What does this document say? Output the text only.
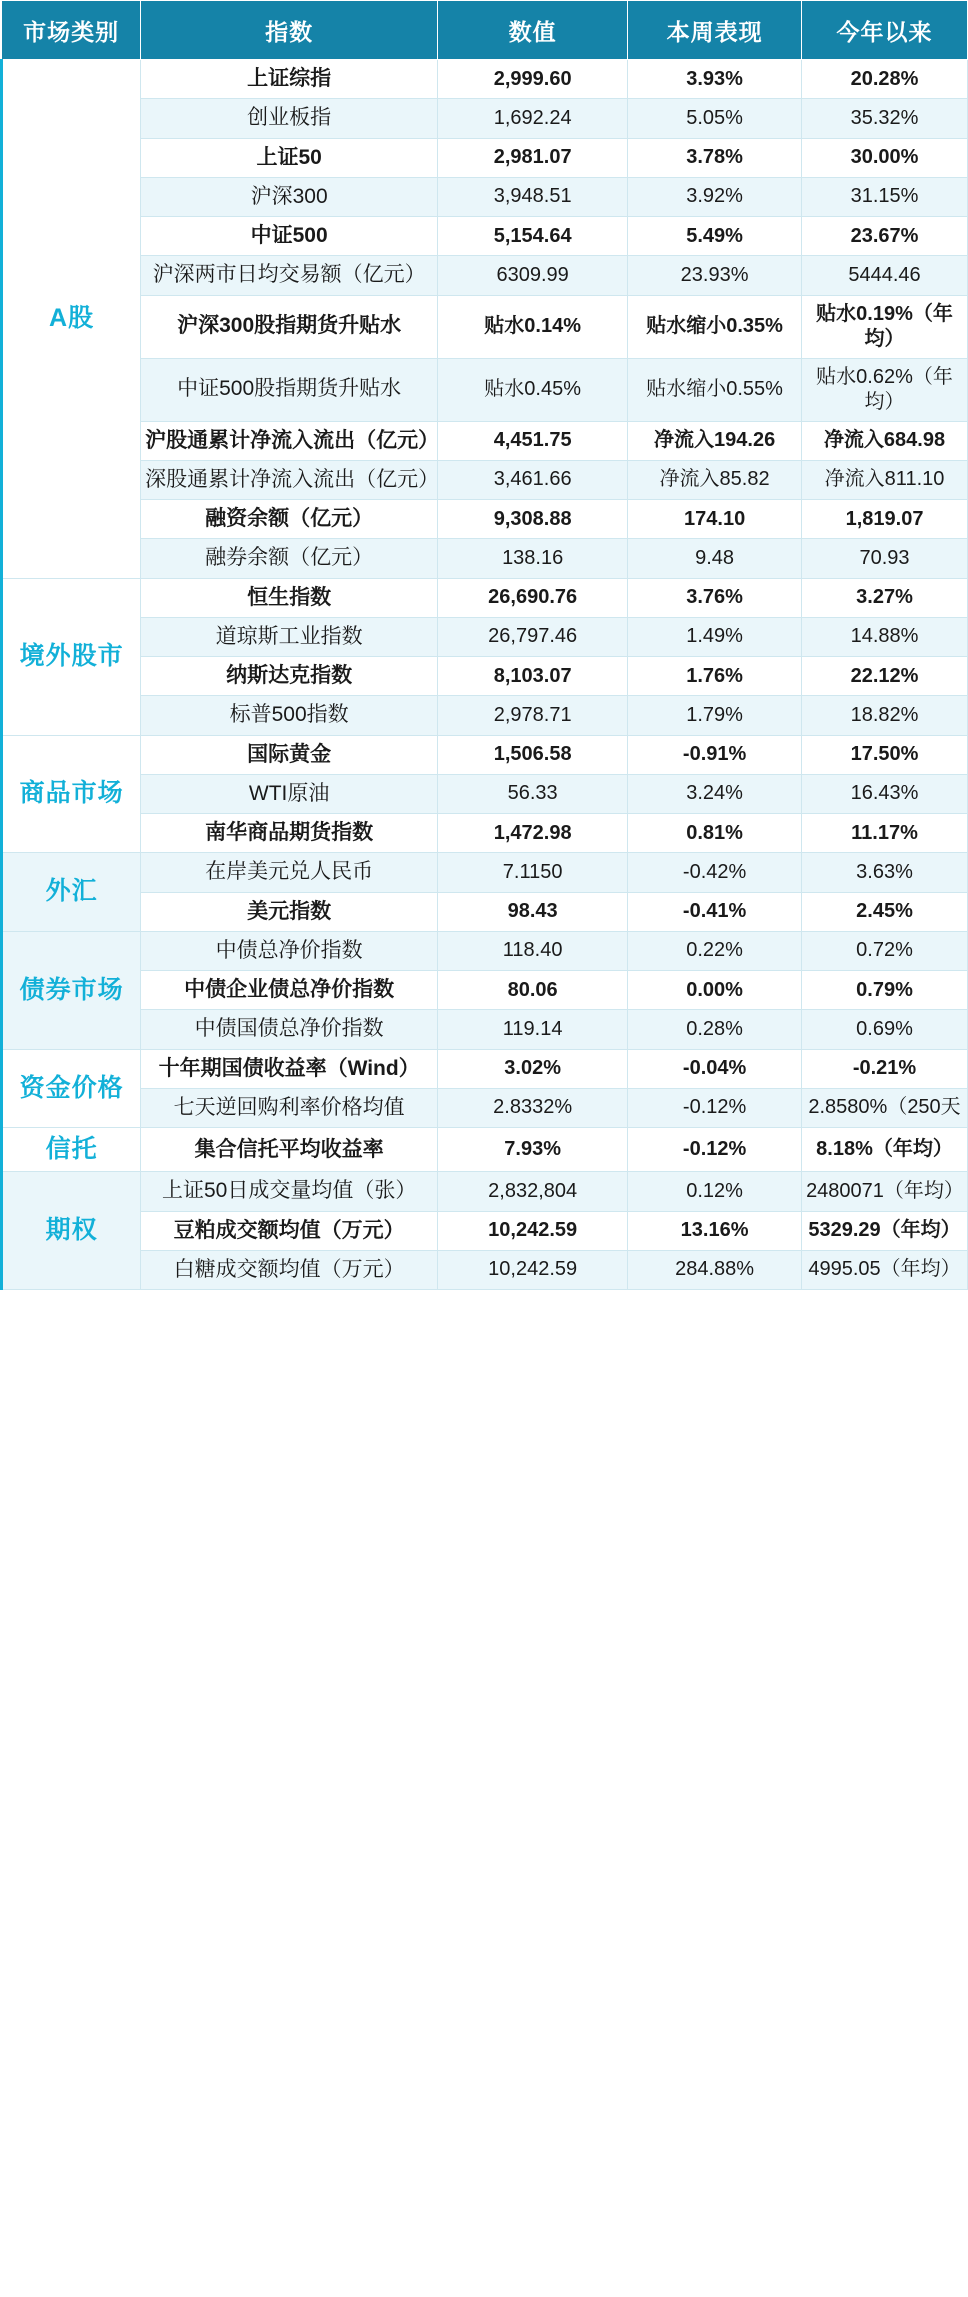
市场类别	指数	数值	本周表现	今年以来
A股	上证综指	2,999.60	3.93%	20.28%
	创业板指	1,692.24	5.05%	35.32%
	上证50	2,981.07	3.78%	30.00%
	沪深300	3,948.51	3.92%	31.15%
	中证500	5,154.64	5.49%	23.67%
	沪深两市日均交易额（亿元）	6309.99	23.93%	5444.46
	沪深300股指期货升贴水	贴水0.14%	贴水缩小0.35%	贴水0.19%（年均）
	中证500股指期货升贴水	贴水0.45%	贴水缩小0.55%	贴水0.62%（年均）
	沪股通累计净流入流出（亿元）	4,451.75	净流入194.26	净流入684.98
	深股通累计净流入流出（亿元）	3,461.66	净流入85.82	净流入811.10
	融资余额（亿元）	9,308.88	174.10	1,819.07
	融券余额（亿元）	138.16	9.48	70.93
境外股市	恒生指数	26,690.76	3.76%	3.27%
	道琼斯工业指数	26,797.46	1.49%	14.88%
	纳斯达克指数	8,103.07	1.76%	22.12%
	标普500指数	2,978.71	1.79%	18.82%
商品市场	国际黄金	1,506.58	-0.91%	17.50%
	WTI原油	56.33	3.24%	16.43%
	南华商品期货指数	1,472.98	0.81%	11.17%
外汇	在岸美元兑人民币	7.1150	-0.42%	3.63%
	美元指数	98.43	-0.41%	2.45%
债券市场	中债总净价指数	118.40	0.22%	0.72%
	中债企业债总净价指数	80.06	0.00%	0.79%
	中债国债总净价指数	119.14	0.28%	0.69%
资金价格	十年期国债收益率（Wind）	3.02%	-0.04%	-0.21%
	七天逆回购利率价格均值	2.8332%	-0.12%	2.8580%（250天
信托	集合信托平均收益率	7.93%	-0.12%	8.18%（年均）
期权	上证50日成交量均值（张）	2,832,804	0.12%	2480071（年均）
	豆粕成交额均值（万元）	10,242.59	13.16%	5329.29（年均）
	白糖成交额均值（万元）	10,242.59	284.88%	4995.05（年均）
